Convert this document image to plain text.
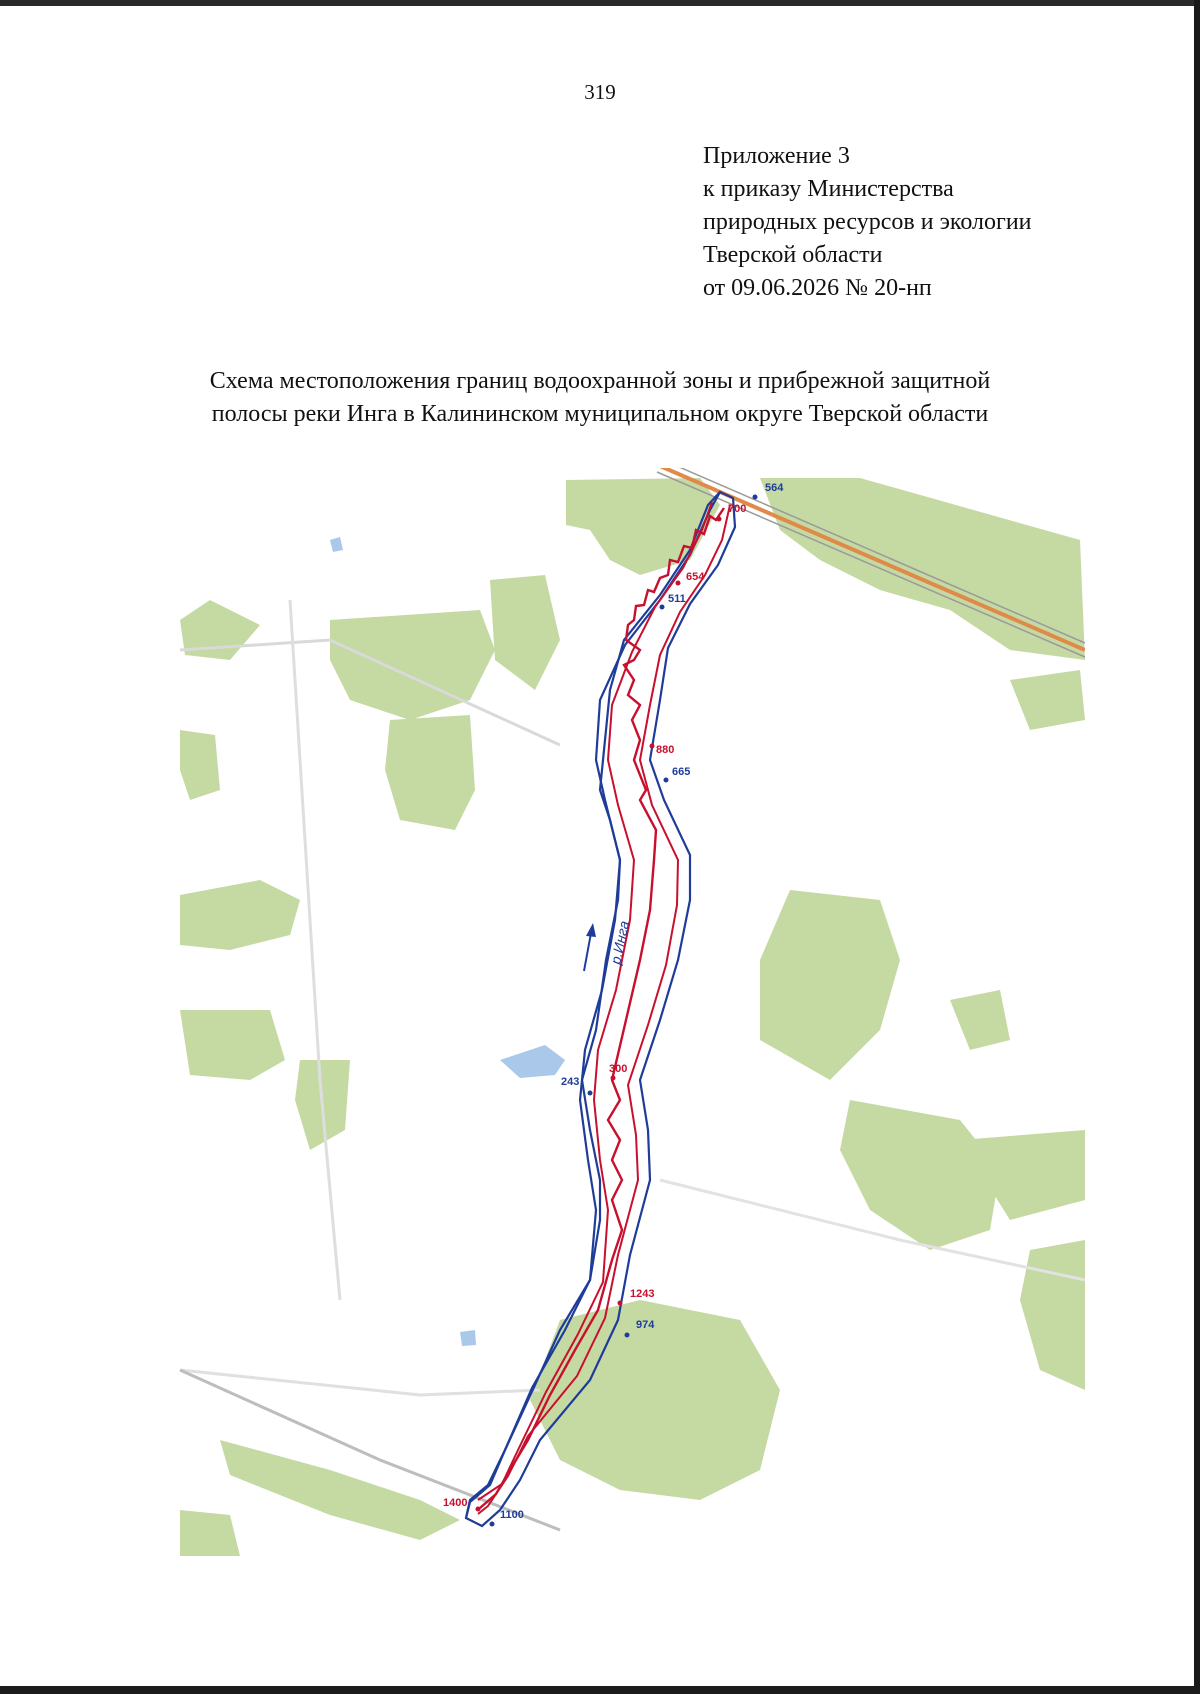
319
Приложение 3
к приказу Министерства
природных ресурсов и экологии
Тверской области
от 09.06.2026 № 20-нп
Схема местоположения границ водоохранной зоны и прибрежной защитной
полосы реки Инга в Калининском муниципальном округе Тверской области
700
654
880
300
1243
1400
564
511
665
243
974
1100
р.Инга
